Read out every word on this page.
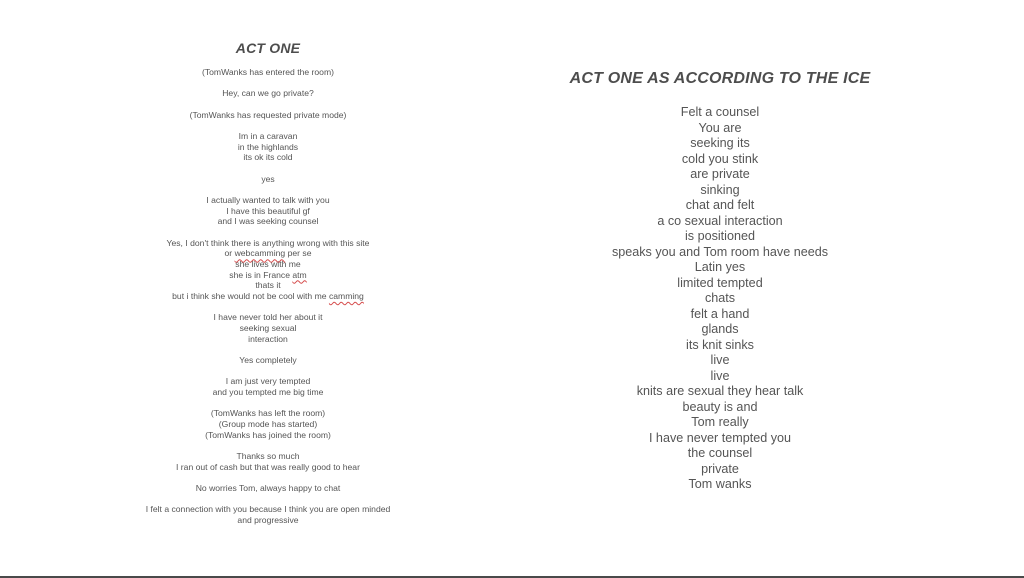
ACT ONE
(TomWanks has entered the room)
Hey, can we go private?
(TomWanks has requested private mode)
Im in a caravan
in the highlands
its ok its cold
yes
I actually wanted to talk with you
I have this beautiful gf
and I was seeking counsel
Yes, I don't think there is anything wrong with this site
or webcamming per se
she lives with me
she is in France atm
thats it
but i think she would not be cool with me camming
I have never told her about it
seeking sexual
interaction
Yes completely
I am just very tempted
and you tempted me big time
(TomWanks has left the room)
(Group mode has started)
(TomWanks has joined the room)
Thanks so much
I ran out of cash but that was really good to hear
No worries Tom, always happy to chat
I felt a connection with you because I think you are open minded
and progressive
ACT ONE AS ACCORDING TO THE ICE
Felt a counsel
You are
seeking its
cold you stink
are private
sinking
chat and felt
a co sexual interaction
is positioned
speaks you and Tom room have needs
Latin yes
limited tempted
chats
felt a hand
glands
its knit sinks
live
live
knits are sexual they hear talk
beauty is and
Tom really
I have never tempted you
the counsel
private
Tom wanks
